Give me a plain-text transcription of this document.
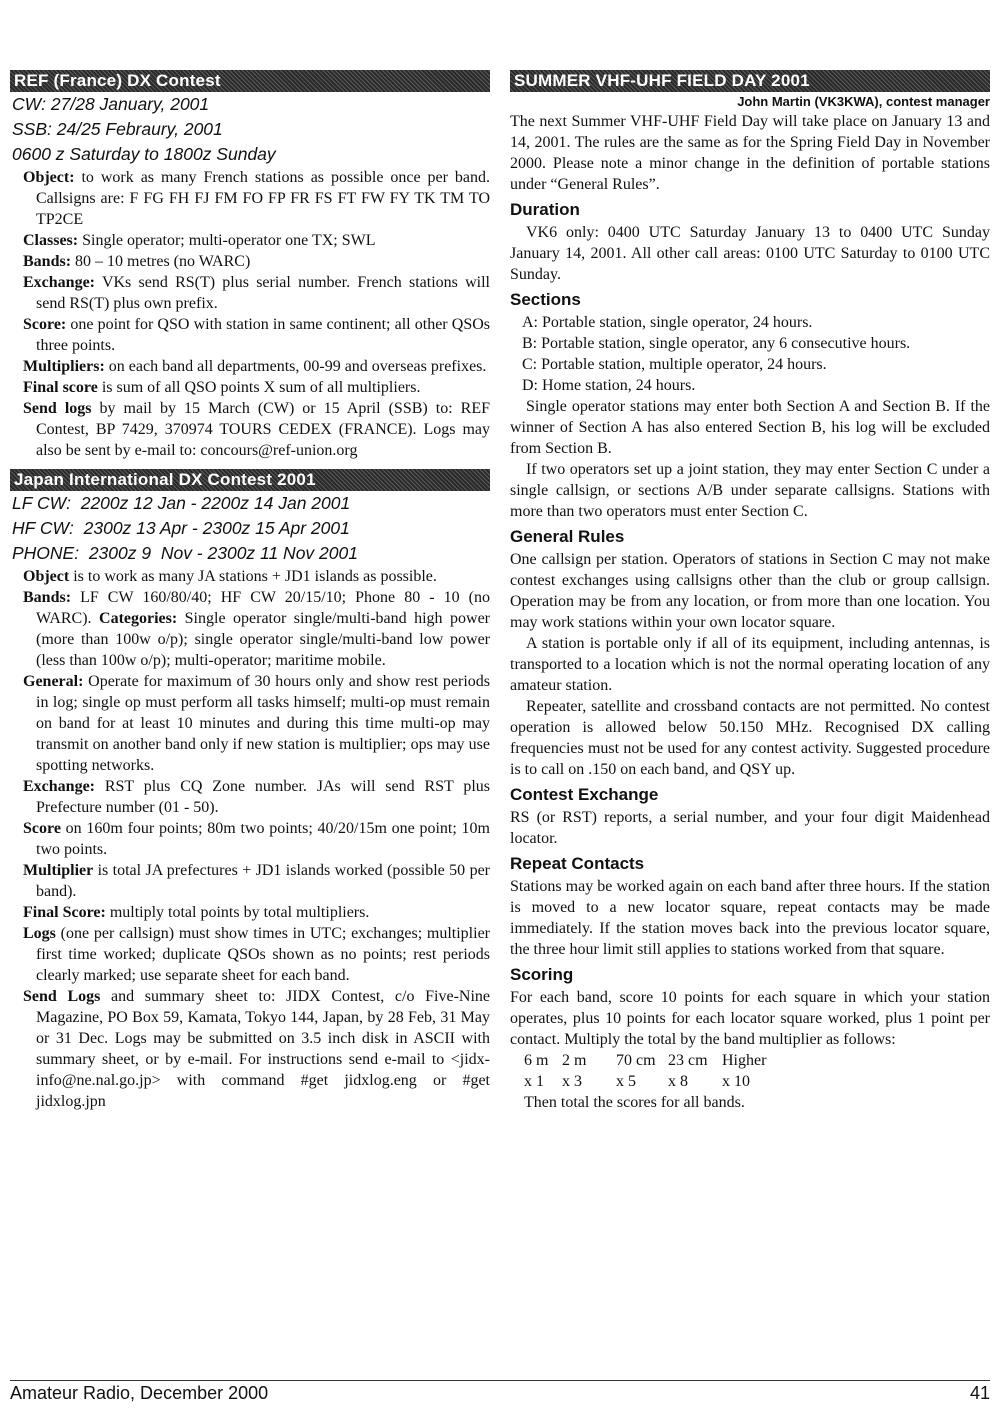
REF (France) DX Contest
CW: 27/28 January, 2001
SSB: 24/25 Febraury, 2001
0600 z Saturday to 1800z Sunday

Object: to work as many French stations as possible once per band. Callsigns are: F FG FH FJ FM FO FP FR FS FT FW FY TK TM TO TP2CE

Classes: Single operator; multi-operator one TX; SWL

Bands: 80 – 10 metres (no WARC)

Exchange: VKs send RS(T) plus serial number. French stations will send RS(T) plus own prefix.

Score: one point for QSO with station in same continent; all other QSOs three points.

Multipliers: on each band all departments, 00-99 and overseas prefixes.

Final score is sum of all QSO points X sum of all multipliers.

Send logs by mail by 15 March (CW) or 15 April (SSB) to: REF Contest, BP 7429, 370974 TOURS CEDEX (FRANCE). Logs may also be sent by e-mail to: concours@ref-union.org

Japan International DX Contest 2001
LF CW:  2200z 12 Jan - 2200z 14 Jan 2001
HF CW:  2300z 13 Apr - 2300z 15 Apr 2001
PHONE:  2300z 9  Nov - 2300z 11 Nov 2001

Object is to work as many JA stations + JD1 islands as possible.

Bands: LF CW 160/80/40; HF CW 20/15/10; Phone 80 - 10 (no WARC). Categories: Single operator single/multi-band high power (more than 100w o/p); single operator single/multi-band low power (less than 100w o/p); multi-operator; maritime mobile.

General: Operate for maximum of 30 hours only and show rest periods in log; single op must perform all tasks himself; multi-op must remain on band for at least 10 minutes and during this time multi-op may transmit on another band only if new station is multiplier; ops may use spotting networks.

Exchange: RST plus CQ Zone number. JAs will send RST plus Prefecture number (01 - 50).

Score on 160m four points; 80m two points; 40/20/15m one point; 10m two points.

Multiplier is total JA prefectures + JD1 islands worked (possible 50 per band).

Final Score: multiply total points by total multipliers.

Logs (one per callsign) must show times in UTC; exchanges; multiplier first time worked; duplicate QSOs shown as no points; rest periods clearly marked; use separate sheet for each band.

Send Logs and summary sheet to: JIDX Contest, c/o Five-Nine Magazine, PO Box 59, Kamata, Tokyo 144, Japan, by 28 Feb, 31 May or 31 Dec. Logs may be submitted on 3.5 inch disk in ASCII with summary sheet, or by e-mail. For instructions send e-mail to <jidx-info@ne.nal.go.jp> with command #get jidxlog.eng or #get jidxlog.jpn

SUMMER VHF-UHF FIELD DAY 2001
John Martin (VK3KWA), contest manager
The next Summer VHF-UHF Field Day will take place on January 13 and 14, 2001. The rules are the same as for the Spring Field Day in November 2000. Please note a minor change in the definition of portable stations under “General Rules”.
Duration

VK6 only: 0400 UTC Saturday January 13 to 0400 UTC Sunday January 14, 2001. All other call areas: 0100 UTC Saturday to 0100 UTC Sunday.

Sections

A: Portable station, single operator, 24 hours.

B: Portable station, single operator, any 6 consecutive hours.

C: Portable station, multiple operator, 24 hours.

D: Home station, 24 hours.

Single operator stations may enter both Section A and Section B. If the winner of Section A has also entered Section B, his log will be excluded from Section B.

If two operators set up a joint station, they may enter Section C under a single callsign, or sections A/B under separate callsigns. Stations with more than two operators must enter Section C.

General Rules

One callsign per station. Operators of stations in Section C may not make contest exchanges using callsigns other than the club or group callsign. Operation may be from any location, or from more than one location. You may work stations within your own locator square.

A station is portable only if all of its equipment, including antennas, is transported to a location which is not the normal operating location of any amateur station.

Repeater, satellite and crossband contacts are not permitted. No contest operation is allowed below 50.150 MHz. Recognised DX calling frequencies must not be used for any contest activity. Suggested procedure is to call on .150 on each band, and QSY up.

Contest Exchange

RS (or RST) reports, a serial number, and your four digit Maidenhead locator.

Repeat Contacts

Stations may be worked again on each band after three hours. If the station is moved to a new locator square, repeat contacts may be made immediately. If the station moves back into the previous locator square, the three hour limit still applies to stations worked from that square.

Scoring

For each band, score 10 points for each square in which your station operates, plus 10 points for each locator square worked, plus 1 point per contact. Multiply the total by the band multiplier as follows:

6 m 2 m 70 cm 23 cm Higher
x 1 x 3 x 5 x 8 x 10
Then total the scores for all bands.
Amateur Radio, December 2000	41
